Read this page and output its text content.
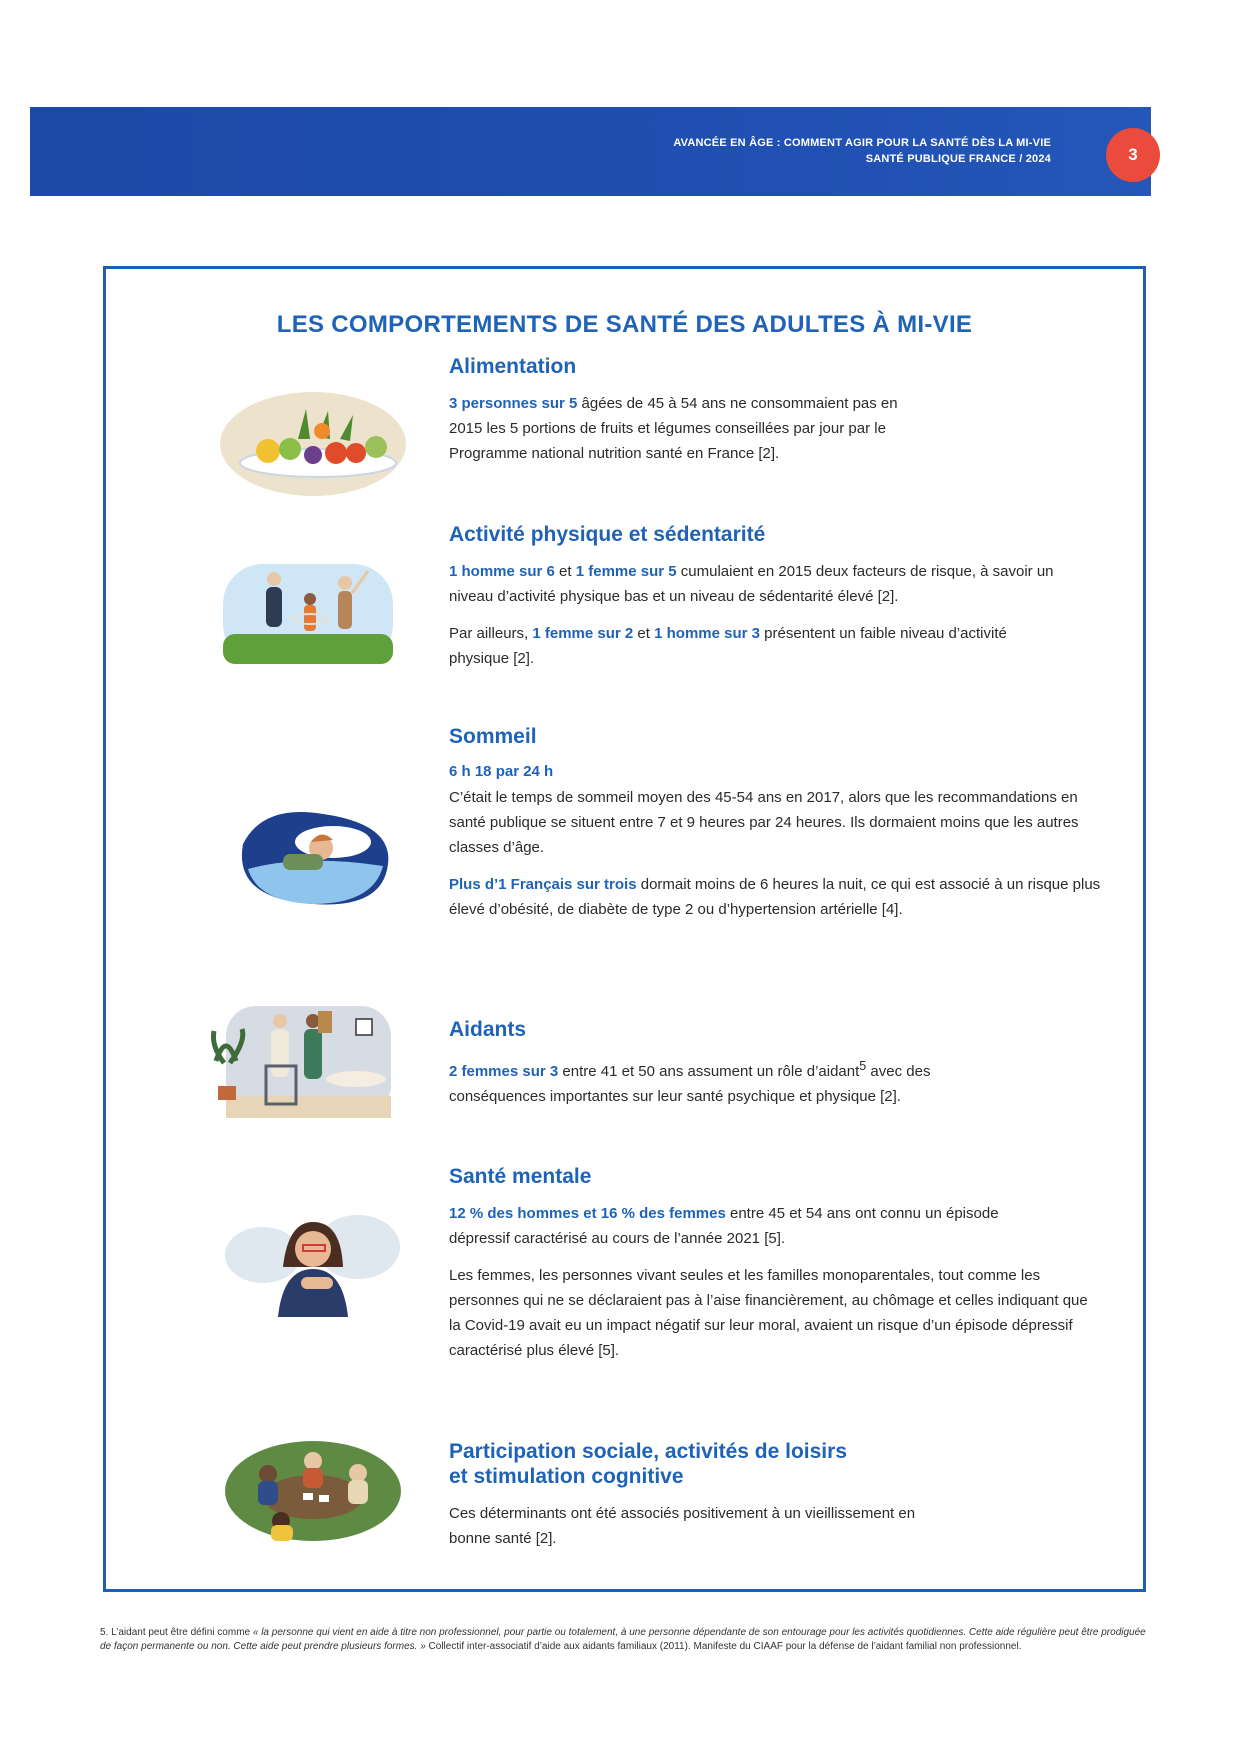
AVANCÉE EN ÂGE : COMMENT AGIR POUR LA SANTÉ DÈS LA MI-VIE
SANTÉ PUBLIQUE FRANCE / 2024	3
LES COMPORTEMENTS DE SANTÉ DES ADULTES À MI-VIE
Alimentation

3 personnes sur 5 âgées de 45 à 54 ans ne consommaient pas en 2015 les 5 portions de fruits et légumes conseillées par jour par le Programme national nutrition santé en France [2].

Activité physique et sédentarité

1 homme sur 6 et 1 femme sur 5 cumulaient en 2015 deux facteurs de risque, à savoir un niveau d’activité physique bas et un niveau de sédentarité élevé [2].

Par ailleurs, 1 femme sur 2 et 1 homme sur 3 présentent un faible niveau d’activité physique [2].

Sommeil

6 h 18 par 24 h

C’était le temps de sommeil moyen des 45-54 ans en 2017, alors que les recommandations en santé publique se situent entre 7 et 9 heures par 24 heures. Ils dormaient moins que les autres classes d’âge.

Plus d’1 Français sur trois dormait moins de 6 heures la nuit, ce qui est associé à un risque plus élevé d’obésité, de diabète de type 2 ou d’hypertension artérielle [4].

Aidants

2 femmes sur 3 entre 41 et 50 ans assument un rôle d’aidant$^5$ avec des conséquences importantes sur leur santé psychique et physique [2].

Santé mentale

12 % des hommes et 16 % des femmes entre 45 et 54 ans ont connu un épisode dépressif caractérisé au cours de l’année 2021 [5].

Les femmes, les personnes vivant seules et les familles monoparentales, tout comme les personnes qui ne se déclaraient pas à l’aise financièrement, au chômage et celles indiquant que la Covid-19 avait eu un impact négatif sur leur moral, avaient un risque d’un épisode dépressif caractérisé plus élevé [5].

Participation sociale, activités de loisirs
et stimulation cognitive

Ces déterminants ont été associés positivement à un vieillissement en bonne santé [2].

5. L’aidant peut être défini comme « la personne qui vient en aide à titre non professionnel, pour partie ou totalement, à une personne dépendante de son entourage pour les activités quotidiennes. Cette aide régulière peut être prodiguée de façon permanente ou non. Cette aide peut prendre plusieurs formes. » Collectif inter-associatif d’aide aux aidants familiaux (2011). Manifeste du CIAAF pour la défense de l’aidant familial non professionnel.
